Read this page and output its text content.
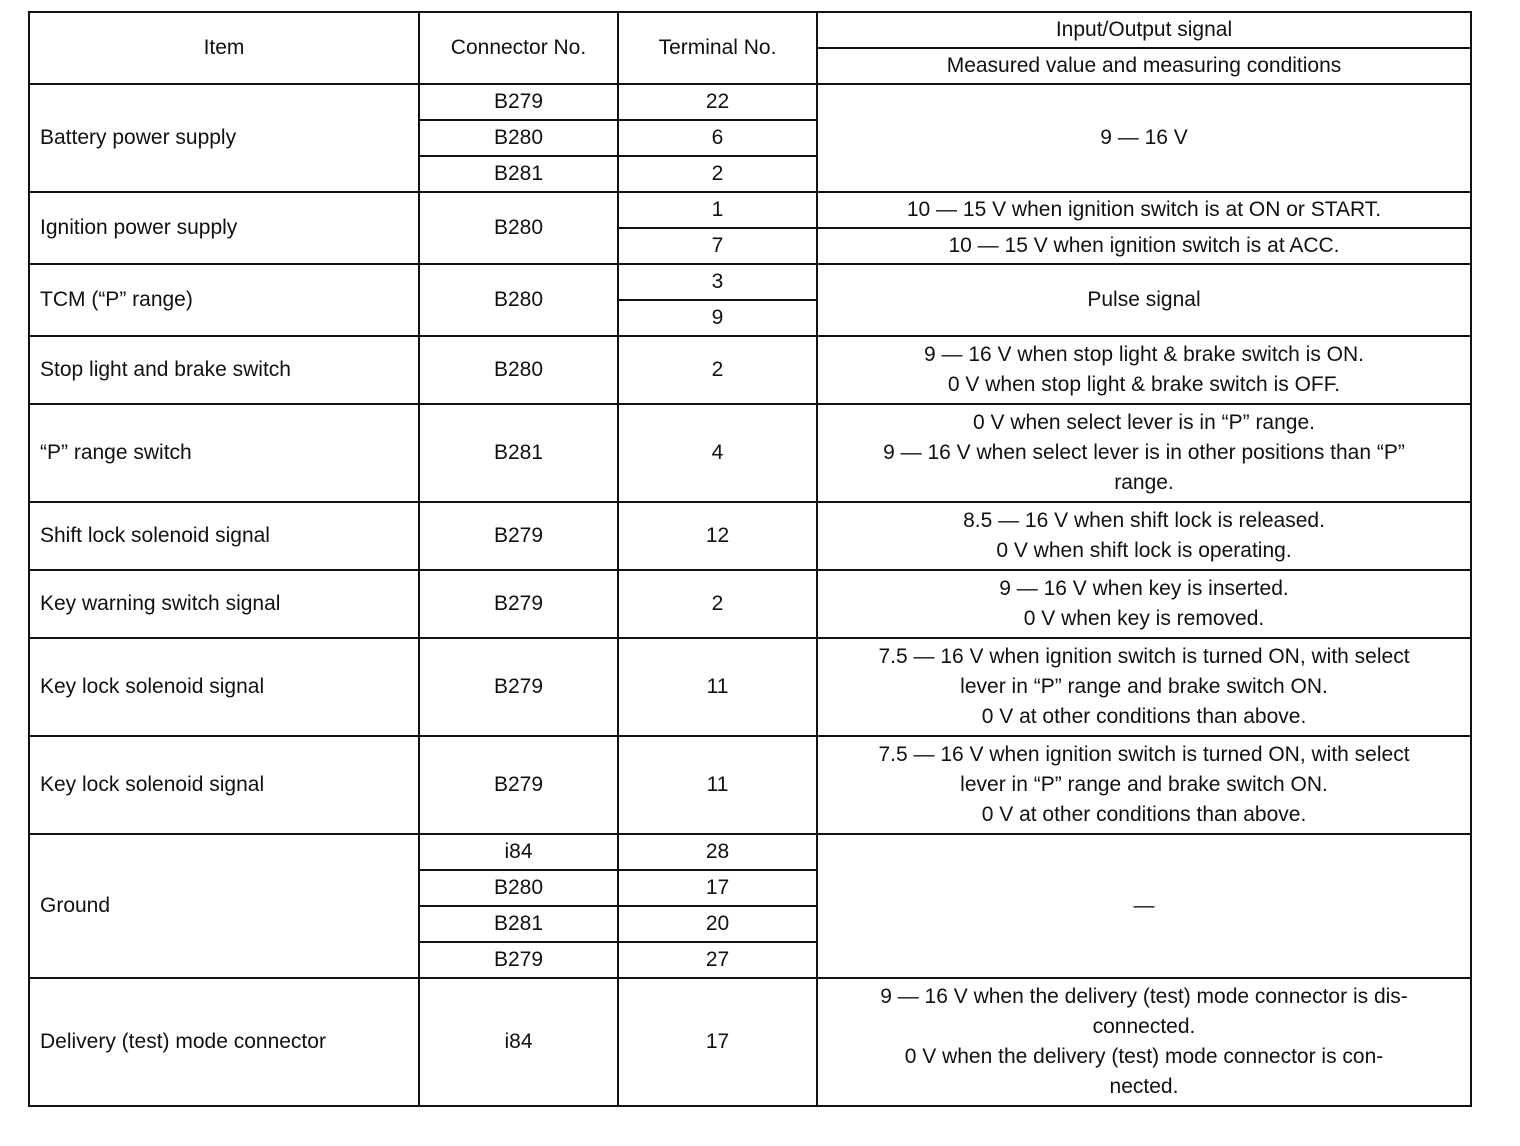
Item	Connector No.	Terminal No.	Input/Output signal
			Measured value and measuring conditions
Battery power supply	B279	22	9 — 16 V
	B280	6	
	B281	2	
Ignition power supply	B280	1	10 — 15 V when ignition switch is at ON or START.
		7	10 — 15 V when ignition switch is at ACC.
TCM (“P” range)	B280	3	Pulse signal
		9	
Stop light and brake switch	B280	2	9 — 16 V when stop light & brake switch is ON.
0 V when stop light & brake switch is OFF.

“P” range switch	B281	4	0 V when select lever is in “P” range.
9 — 16 V when select lever is in other positions than “P”
range.

Shift lock solenoid signal	B279	12	8.5 — 16 V when shift lock is released.
0 V when shift lock is operating.

Key warning switch signal	B279	2	9 — 16 V when key is inserted.
0 V when key is removed.

Key lock solenoid signal	B279	11	7.5 — 16 V when ignition switch is turned ON, with select
lever in “P” range and brake switch ON.
0 V at other conditions than above.

Key lock solenoid signal	B279	11	7.5 — 16 V when ignition switch is turned ON, with select
lever in “P” range and brake switch ON.
0 V at other conditions than above.

Ground	i84	28	—
	B280	17	
	B281	20	
	B279	27	
Delivery (test) mode connector	i84	17	9 — 16 V when the delivery (test) mode connector is dis-
connected.
0 V when the delivery (test) mode connector is con-
nected.
